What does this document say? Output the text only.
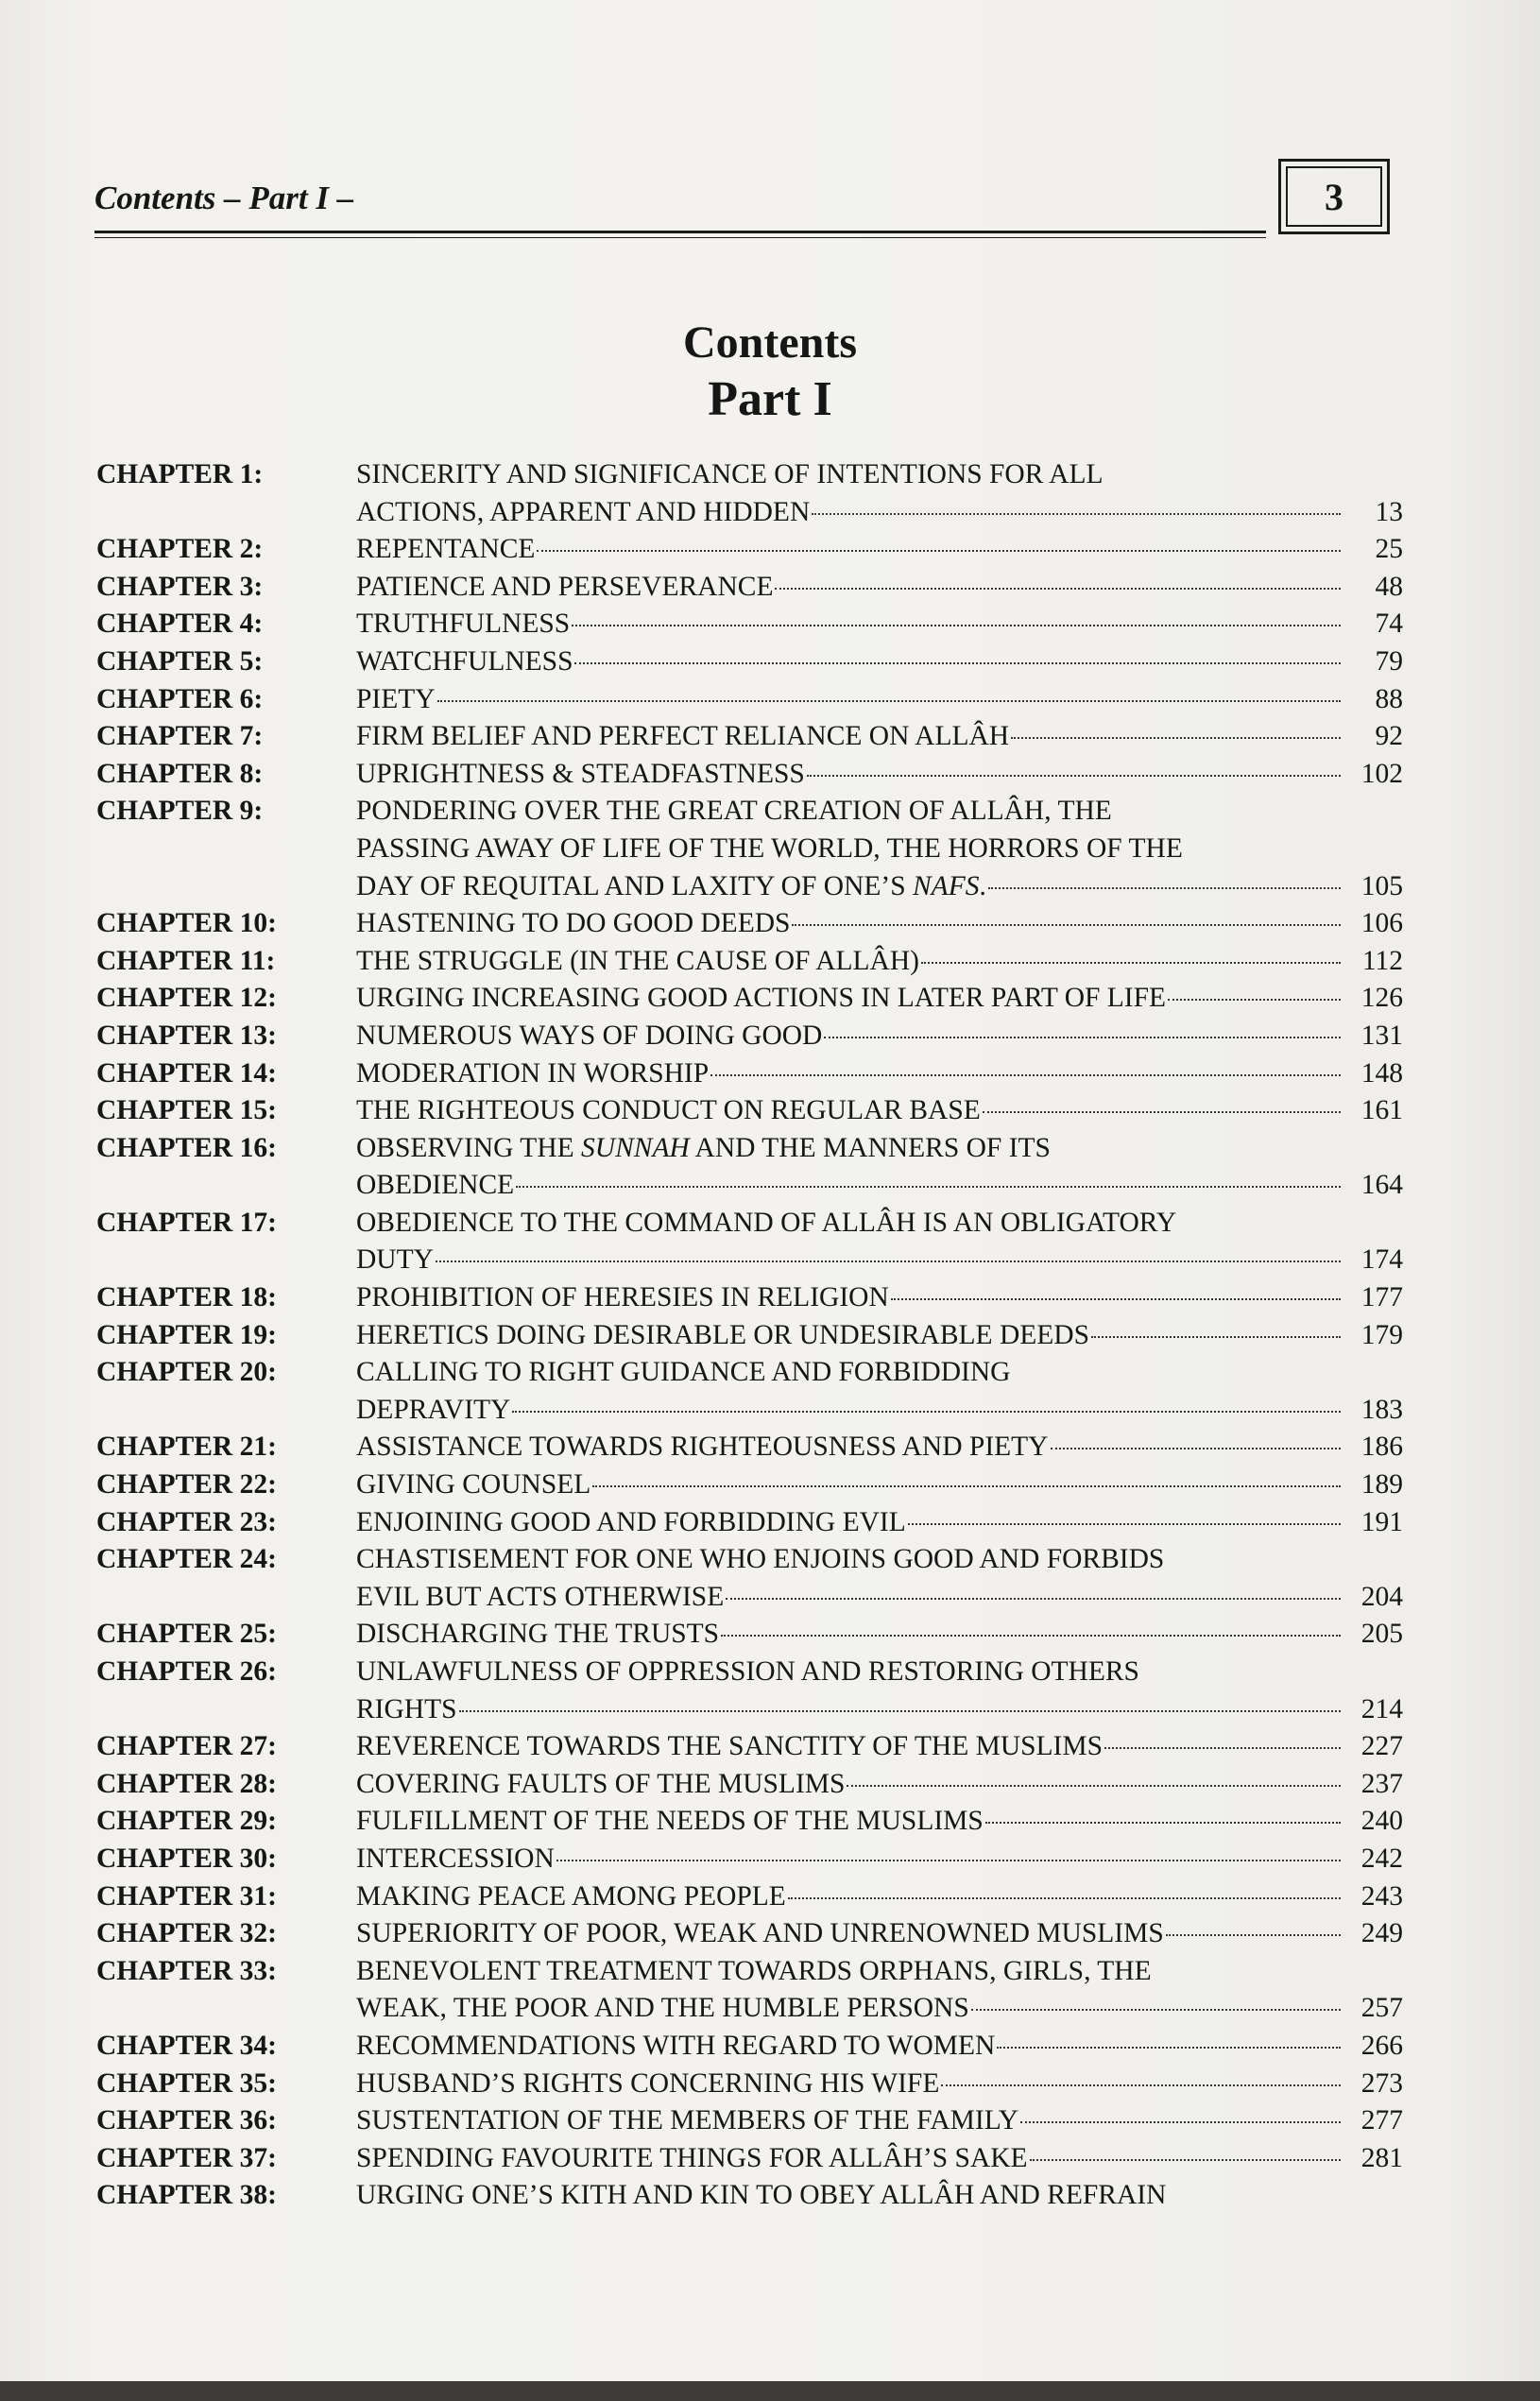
Contents – Part I –	3
Contents
Part I
CHAPTER 1:	SINCERITY AND SIGNIFICANCE OF INTENTIONS FOR ALL
ACTIONS, APPARENT AND HIDDEN	13
CHAPTER 2:	REPENTANCE	25
CHAPTER 3:	PATIENCE AND PERSEVERANCE	48
CHAPTER 4:	TRUTHFULNESS	74
CHAPTER 5:	WATCHFULNESS	79
CHAPTER 6:	PIETY	88
CHAPTER 7:	FIRM BELIEF AND PERFECT RELIANCE ON ALLÂH	92
CHAPTER 8:	UPRIGHTNESS & STEADFASTNESS	102
CHAPTER 9:	PONDERING OVER THE GREAT CREATION OF ALLÂH, THE
PASSING AWAY OF LIFE OF THE WORLD, THE HORRORS OF THE
DAY OF REQUITAL AND LAXITY OF ONE’S NAFS.	105
CHAPTER 10:	HASTENING TO DO GOOD DEEDS	106
CHAPTER 11:	THE STRUGGLE (IN THE CAUSE OF ALLÂH)	112
CHAPTER 12:	URGING INCREASING GOOD ACTIONS IN LATER PART OF LIFE	126
CHAPTER 13:	NUMEROUS WAYS OF DOING GOOD	131
CHAPTER 14:	MODERATION IN WORSHIP	148
CHAPTER 15:	THE RIGHTEOUS CONDUCT ON REGULAR BASE	161
CHAPTER 16:	OBSERVING THE SUNNAH AND THE MANNERS OF ITS
OBEDIENCE	164
CHAPTER 17:	OBEDIENCE TO THE COMMAND OF ALLÂH IS AN OBLIGATORY
DUTY	174
CHAPTER 18:	PROHIBITION OF HERESIES IN RELIGION	177
CHAPTER 19:	HERETICS DOING DESIRABLE OR UNDESIRABLE DEEDS	179
CHAPTER 20:	CALLING TO RIGHT GUIDANCE AND FORBIDDING
DEPRAVITY	183
CHAPTER 21:	ASSISTANCE TOWARDS RIGHTEOUSNESS AND PIETY	186
CHAPTER 22:	GIVING COUNSEL	189
CHAPTER 23:	ENJOINING GOOD AND FORBIDDING EVIL	191
CHAPTER 24:	CHASTISEMENT FOR ONE WHO ENJOINS GOOD AND FORBIDS
EVIL BUT ACTS OTHERWISE	204
CHAPTER 25:	DISCHARGING THE TRUSTS	205
CHAPTER 26:	UNLAWFULNESS OF OPPRESSION AND RESTORING OTHERS
RIGHTS	214
CHAPTER 27:	REVERENCE TOWARDS THE SANCTITY OF THE MUSLIMS	227
CHAPTER 28:	COVERING FAULTS OF THE MUSLIMS	237
CHAPTER 29:	FULFILLMENT OF THE NEEDS OF THE MUSLIMS	240
CHAPTER 30:	INTERCESSION	242
CHAPTER 31:	MAKING PEACE AMONG PEOPLE	243
CHAPTER 32:	SUPERIORITY OF POOR, WEAK AND UNRENOWNED MUSLIMS	249
CHAPTER 33:	BENEVOLENT TREATMENT TOWARDS ORPHANS, GIRLS, THE
WEAK, THE POOR AND THE HUMBLE PERSONS	257
CHAPTER 34:	RECOMMENDATIONS WITH REGARD TO WOMEN	266
CHAPTER 35:	HUSBAND’S RIGHTS CONCERNING HIS WIFE	273
CHAPTER 36:	SUSTENTATION OF THE MEMBERS OF THE FAMILY	277
CHAPTER 37:	SPENDING FAVOURITE THINGS FOR ALLÂH’S SAKE	281
CHAPTER 38:	URGING ONE’S KITH AND KIN TO OBEY ALLÂH AND REFRAIN
